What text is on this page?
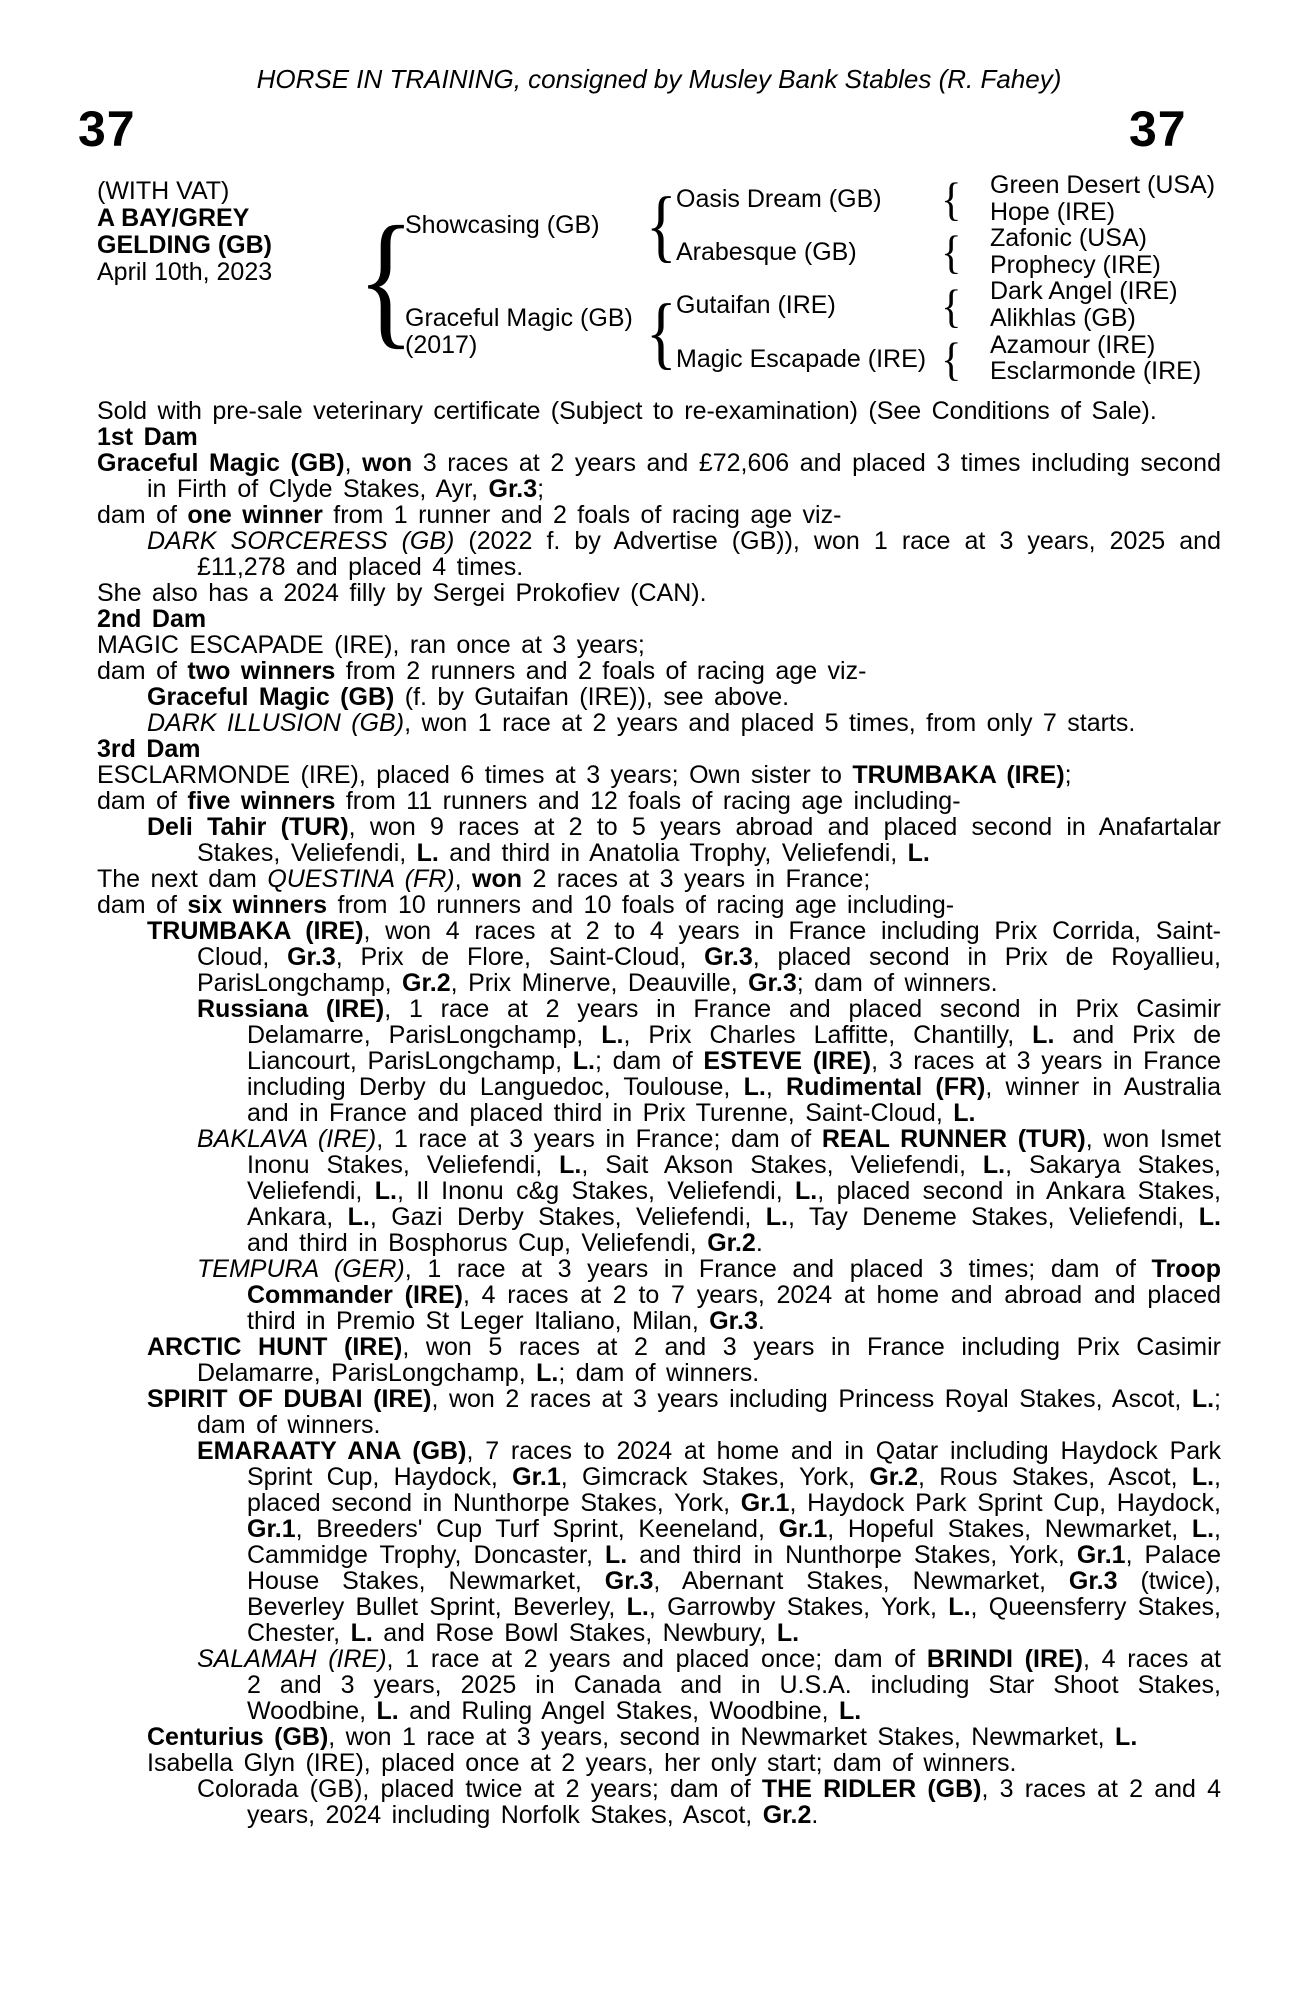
HORSE IN TRAINING, consigned by Musley Bank Stables (R. Fahey)
37	37
(WITH VAT)
A BAY/GREY
GELDING (GB)
April 10th, 2023 {
Showcasing (GB)
Graceful Magic (GB)
(2017)
{
{
Oasis Dream (GB)
Arabesque (GB)
Gutaifan (IRE)
Magic Escapade (IRE)
{
{
{
{
Green Desert (USA)
Hope (IRE)
Zafonic (USA)
Prophecy (IRE)
Dark Angel (IRE)
Alikhlas (GB)
Azamour (IRE)
Esclarmonde (IRE)

Sold with pre-sale veterinary certificate (Subject to re-examination) (See Conditions of Sale).

1st Dam

Graceful Magic (GB), won 3 races at 2 years and £72,606 and placed 3 times including second in Firth of Clyde Stakes, Ayr, Gr.3;

dam of one winner from 1 runner and 2 foals of racing age viz-

DARK SORCERESS (GB) (2022 f. by Advertise (GB)), won 1 race at 3 years, 2025 and £11,278 and placed 4 times.

She also has a 2024 filly by Sergei Prokofiev (CAN).

2nd Dam

MAGIC ESCAPADE (IRE), ran once at 3 years;

dam of two winners from 2 runners and 2 foals of racing age viz-

Graceful Magic (GB) (f. by Gutaifan (IRE)), see above.

DARK ILLUSION (GB), won 1 race at 2 years and placed 5 times, from only 7 starts.

3rd Dam

ESCLARMONDE (IRE), placed 6 times at 3 years; Own sister to TRUMBAKA (IRE);

dam of five winners from 11 runners and 12 foals of racing age including-

Deli Tahir (TUR), won 9 races at 2 to 5 years abroad and placed second in Anafartalar Stakes, Veliefendi, L. and third in Anatolia Trophy, Veliefendi, L.

The next dam QUESTINA (FR), won 2 races at 3 years in France;

dam of six winners from 10 runners and 10 foals of racing age including-

TRUMBAKA (IRE), won 4 races at 2 to 4 years in France including Prix Corrida, Saint-Cloud, Gr.3, Prix de Flore, Saint-Cloud, Gr.3, placed second in Prix de Royallieu, ParisLongchamp, Gr.2, Prix Minerve, Deauville, Gr.3; dam of winners.

Russiana (IRE), 1 race at 2 years in France and placed second in Prix Casimir Delamarre, ParisLongchamp, L., Prix Charles Laffitte, Chantilly, L. and Prix de Liancourt, ParisLongchamp, L.; dam of ESTEVE (IRE), 3 races at 3 years in France including Derby du Languedoc, Toulouse, L., Rudimental (FR), winner in Australia and in France and placed third in Prix Turenne, Saint-Cloud, L.

BAKLAVA (IRE), 1 race at 3 years in France; dam of REAL RUNNER (TUR), won Ismet Inonu Stakes, Veliefendi, L., Sait Akson Stakes, Veliefendi, L., Sakarya Stakes, Veliefendi, L., Il Inonu c&g Stakes, Veliefendi, L., placed second in Ankara Stakes, Ankara, L., Gazi Derby Stakes, Veliefendi, L., Tay Deneme Stakes, Veliefendi, L. and third in Bosphorus Cup, Veliefendi, Gr.2.

TEMPURA (GER), 1 race at 3 years in France and placed 3 times; dam of Troop Commander (IRE), 4 races at 2 to 7 years, 2024 at home and abroad and placed third in Premio St Leger Italiano, Milan, Gr.3.

ARCTIC HUNT (IRE), won 5 races at 2 and 3 years in France including Prix Casimir Delamarre, ParisLongchamp, L.; dam of winners.

SPIRIT OF DUBAI (IRE), won 2 races at 3 years including Princess Royal Stakes, Ascot, L.; dam of winners.

EMARAATY ANA (GB), 7 races to 2024 at home and in Qatar including Haydock Park Sprint Cup, Haydock, Gr.1, Gimcrack Stakes, York, Gr.2, Rous Stakes, Ascot, L., placed second in Nunthorpe Stakes, York, Gr.1, Haydock Park Sprint Cup, Haydock, Gr.1, Breeders' Cup Turf Sprint, Keeneland, Gr.1, Hopeful Stakes, Newmarket, L., Cammidge Trophy, Doncaster, L. and third in Nunthorpe Stakes, York, Gr.1, Palace House Stakes, Newmarket, Gr.3, Abernant Stakes, Newmarket, Gr.3 (twice), Beverley Bullet Sprint, Beverley, L., Garrowby Stakes, York, L., Queensferry Stakes, Chester, L. and Rose Bowl Stakes, Newbury, L.

SALAMAH (IRE), 1 race at 2 years and placed once; dam of BRINDI (IRE), 4 races at 2 and 3 years, 2025 in Canada and in U.S.A. including Star Shoot Stakes, Woodbine, L. and Ruling Angel Stakes, Woodbine, L.

Centurius (GB), won 1 race at 3 years, second in Newmarket Stakes, Newmarket, L.

Isabella Glyn (IRE), placed once at 2 years, her only start; dam of winners.

Colorada (GB), placed twice at 2 years; dam of THE RIDLER (GB), 3 races at 2 and 4 years, 2024 including Norfolk Stakes, Ascot, Gr.2.
